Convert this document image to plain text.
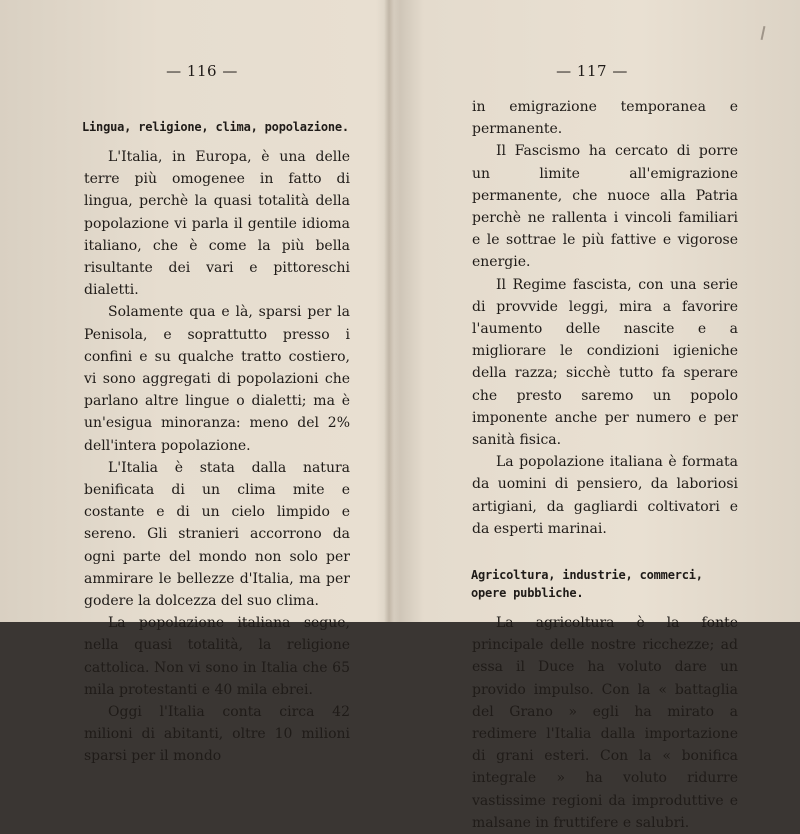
— 116 —
Lingua, religione, clima, popolazione.

L'Italia, in Europa, è una delle terre più omogenee in fatto di lingua, perchè la quasi totalità della popolazione vi parla il gentile idioma italiano, che è come la più bella risultante dei vari e pittoreschi dialetti.

Solamente qua e là, sparsi per la Penisola, e soprattutto presso i confini e su qualche tratto costiero, vi sono aggregati di popolazioni che parlano altre lingue o dialetti; ma è un'esigua minoranza: meno del 2% dell'intera popolazione.

L'Italia è stata dalla natura benificata di un clima mite e costante e di un cielo limpido e sereno. Gli stranieri accorrono da ogni parte del mondo non solo per ammirare le bellezze d'Italia, ma per godere la dolcezza del suo clima.

La popolazione italiana segue, nella quasi totalità, la religione cattolica. Non vi sono in Italia che 65 mila protestanti e 40 mila ebrei.

Oggi l'Italia conta circa 42 milioni di abitanti, oltre 10 milioni sparsi per il mondo

— 117 —

in emigrazione temporanea e permanente.

Il Fascismo ha cercato di porre un limite all'emigrazione permanente, che nuoce alla Patria perchè ne rallenta i vincoli familiari e le sottrae le più fattive e vigorose energie.

Il Regime fascista, con una serie di provvide leggi, mira a favorire l'aumento delle nascite e a migliorare le condizioni igieniche della razza; sicchè tutto fa sperare che presto saremo un popolo imponente anche per numero e per sanità fisica.

La popolazione italiana è formata da uomini di pensiero, da laboriosi artigiani, da gagliardi coltivatori e da esperti marinai.

Agricoltura, industrie, commerci, opere pubbliche.

La agricoltura è la fonte principale delle nostre ricchezze; ad essa il Duce ha voluto dare un provido impulso. Con la « battaglia del Grano » egli ha mirato a redimere l'Italia dalla importazione di grani esteri. Con la « bonifica integrale » ha voluto ridurre vastissime regioni da improduttive e malsane in fruttifere e salubri.
